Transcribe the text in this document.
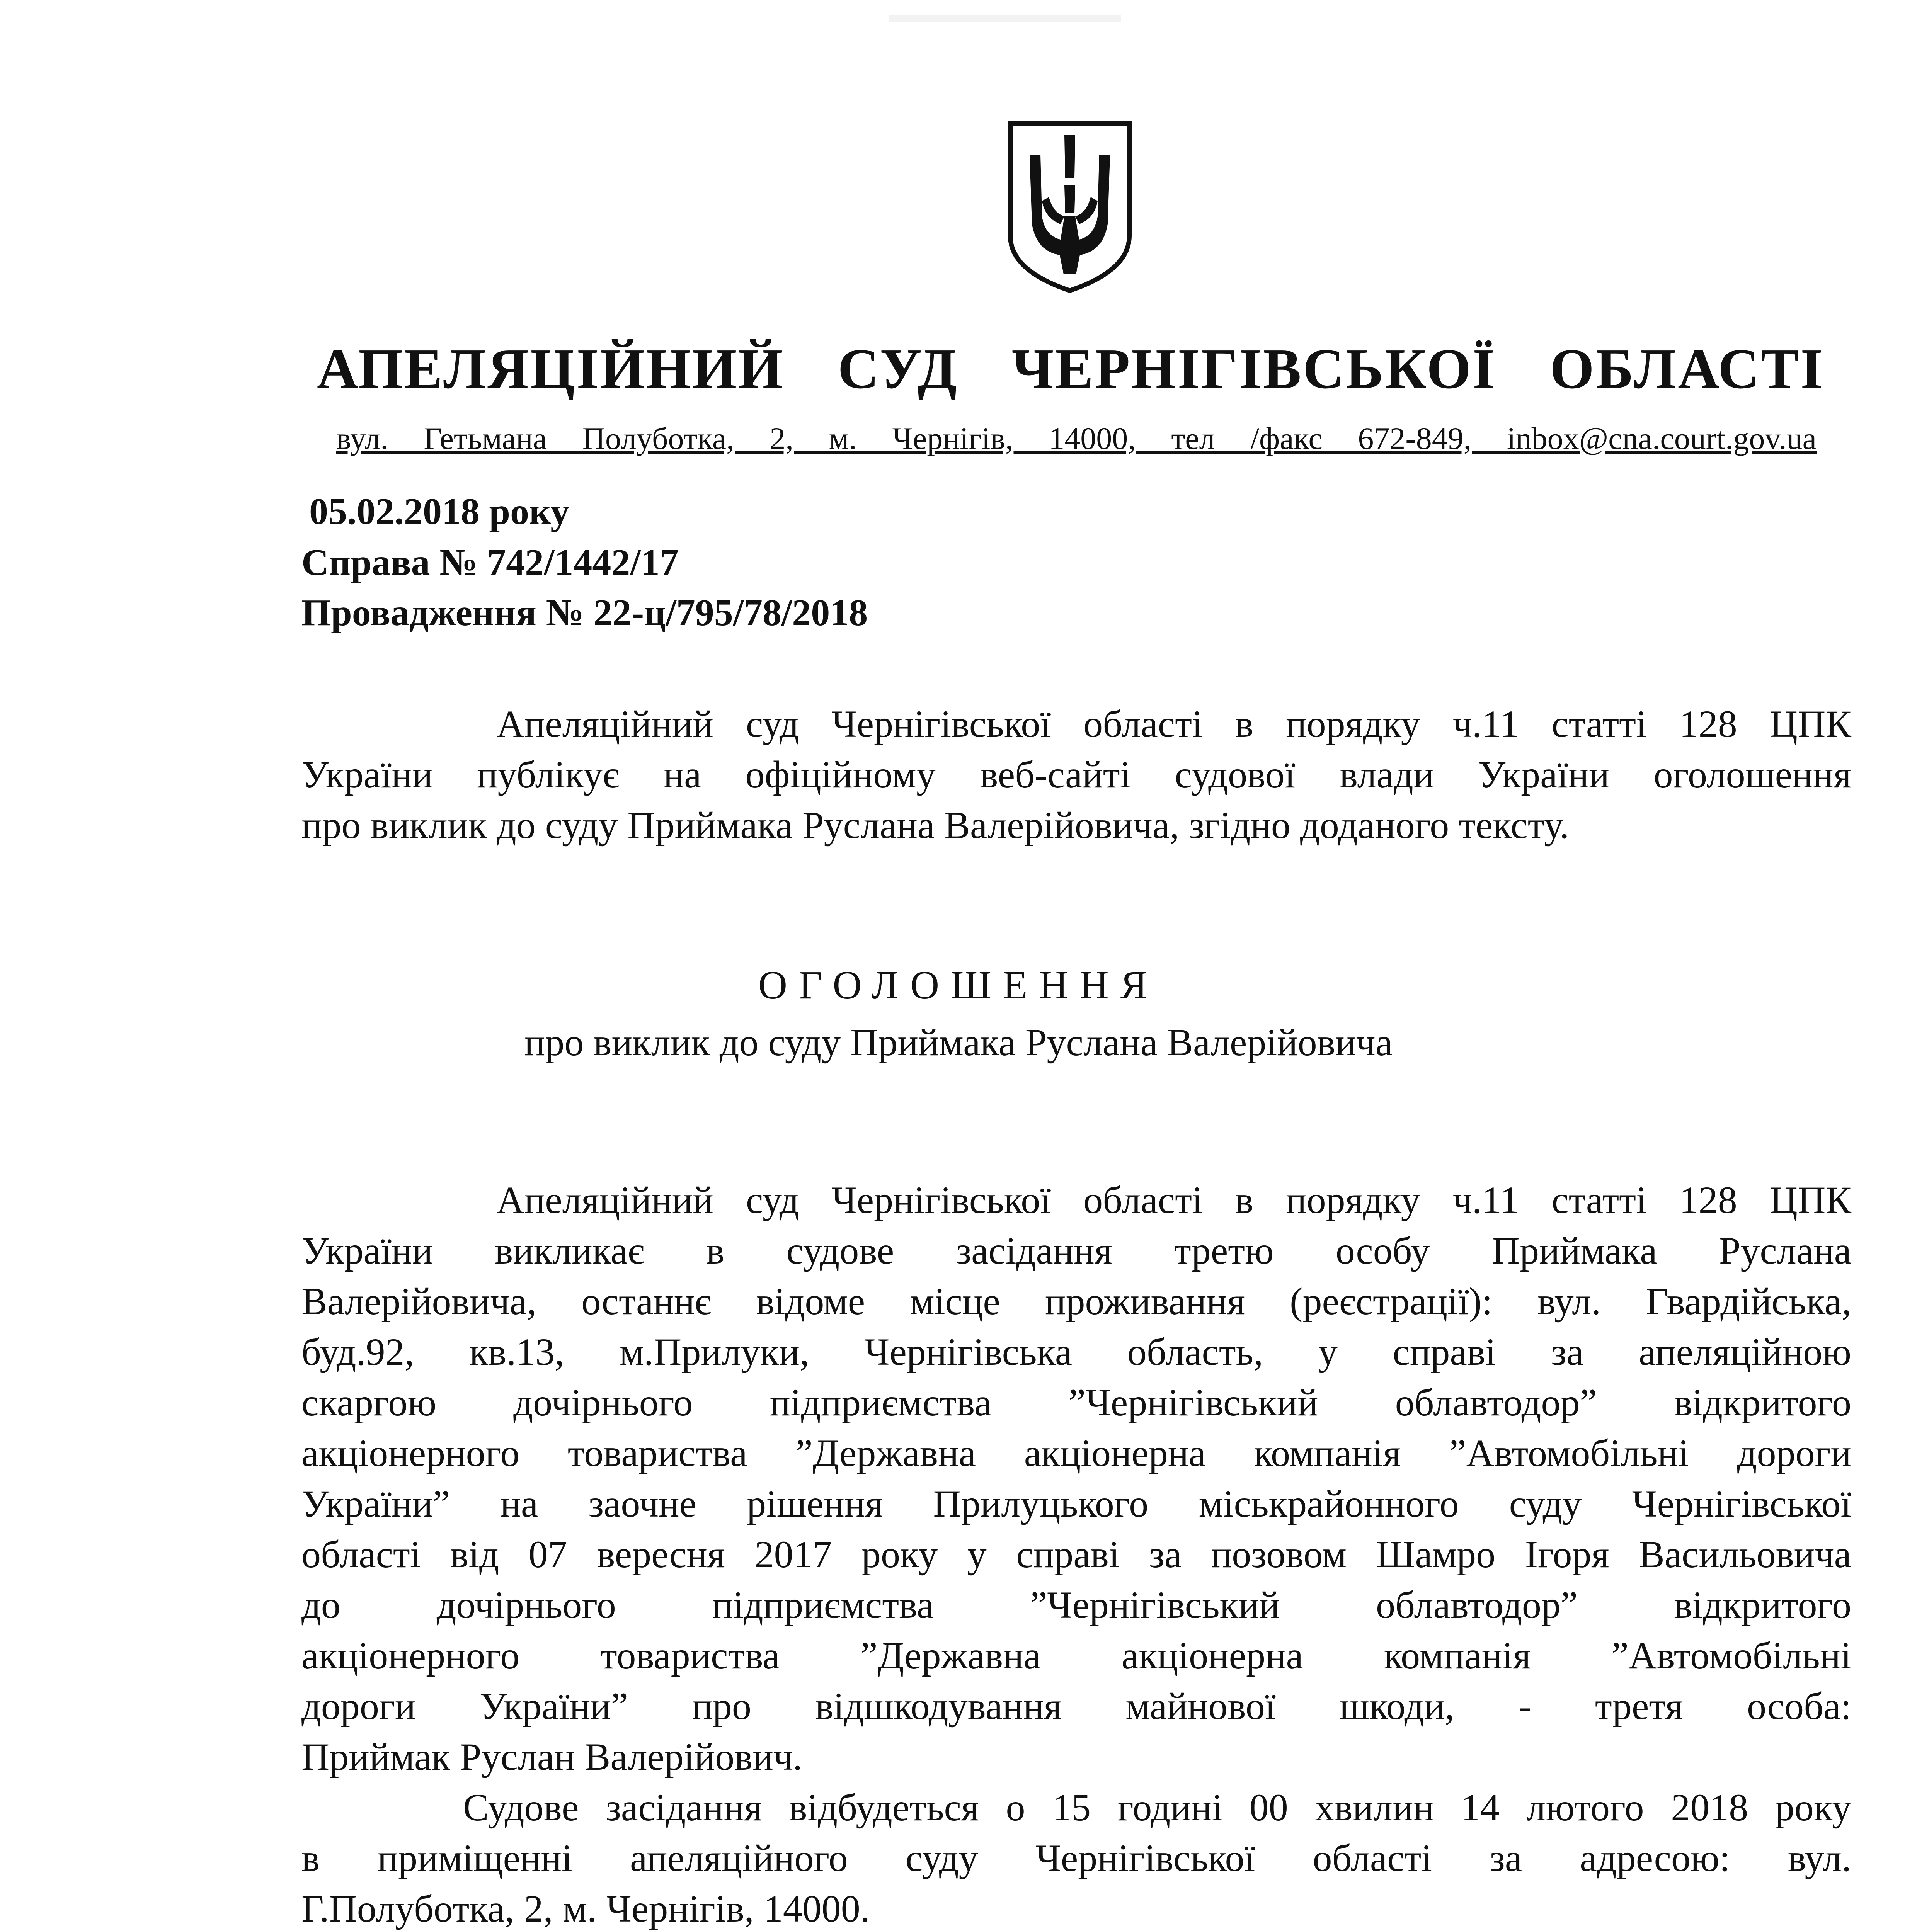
АПЕЛЯЦІЙНИЙ СУД ЧЕРНІГІВСЬКОЇ ОБЛАСТІ
вул. Гетьмана Полуботка, 2, м. Чернігів, 14000, тел /факс 672-849, inbox@cna.court.gov.ua
05.02.2018 року
Справа № 742/1442/17
Провадження № 22-ц/795/78/2018
Апеляційний суд Чернігівської області в порядку ч.11 статті 128 ЦПК
України публікує на офіційному веб-сайті судової влади України оголошення
про виклик до суду Приймака Руслана Валерійовича, згідно доданого тексту.
ОГОЛОШЕННЯ
про виклик до суду Приймака Руслана Валерійовича
Апеляційний суд Чернігівської області в порядку ч.11 статті 128 ЦПК
України викликає в судове засідання третю особу Приймака Руслана
Валерійовича, останнє відоме місце проживання (реєстрації): вул. Гвардійська,
буд.92, кв.13, м.Прилуки, Чернігівська область, у справі за апеляційною
скаргою дочірнього підприємства ”Чернігівський облавтодор” відкритого
акціонерного товариства ”Державна акціонерна компанія ”Автомобільні дороги
України” на заочне рішення Прилуцького міськрайонного суду Чернігівської
області від 07 вересня 2017 року у справі за позовом Шамро Ігоря Васильовича
до дочірнього підприємства ”Чернігівський облавтодор” відкритого
акціонерного товариства ”Державна акціонерна компанія ”Автомобільні
дороги України” про відшкодування майнової шкоди, - третя особа:
Приймак Руслан Валерійович.
Судове засідання відбудеться о 15 годині 00 хвилин 14 лютого 2018 року
в приміщенні апеляційного суду Чернігівської області за адресою: вул.
Г.Полуботка, 2, м. Чернігів, 14000.
